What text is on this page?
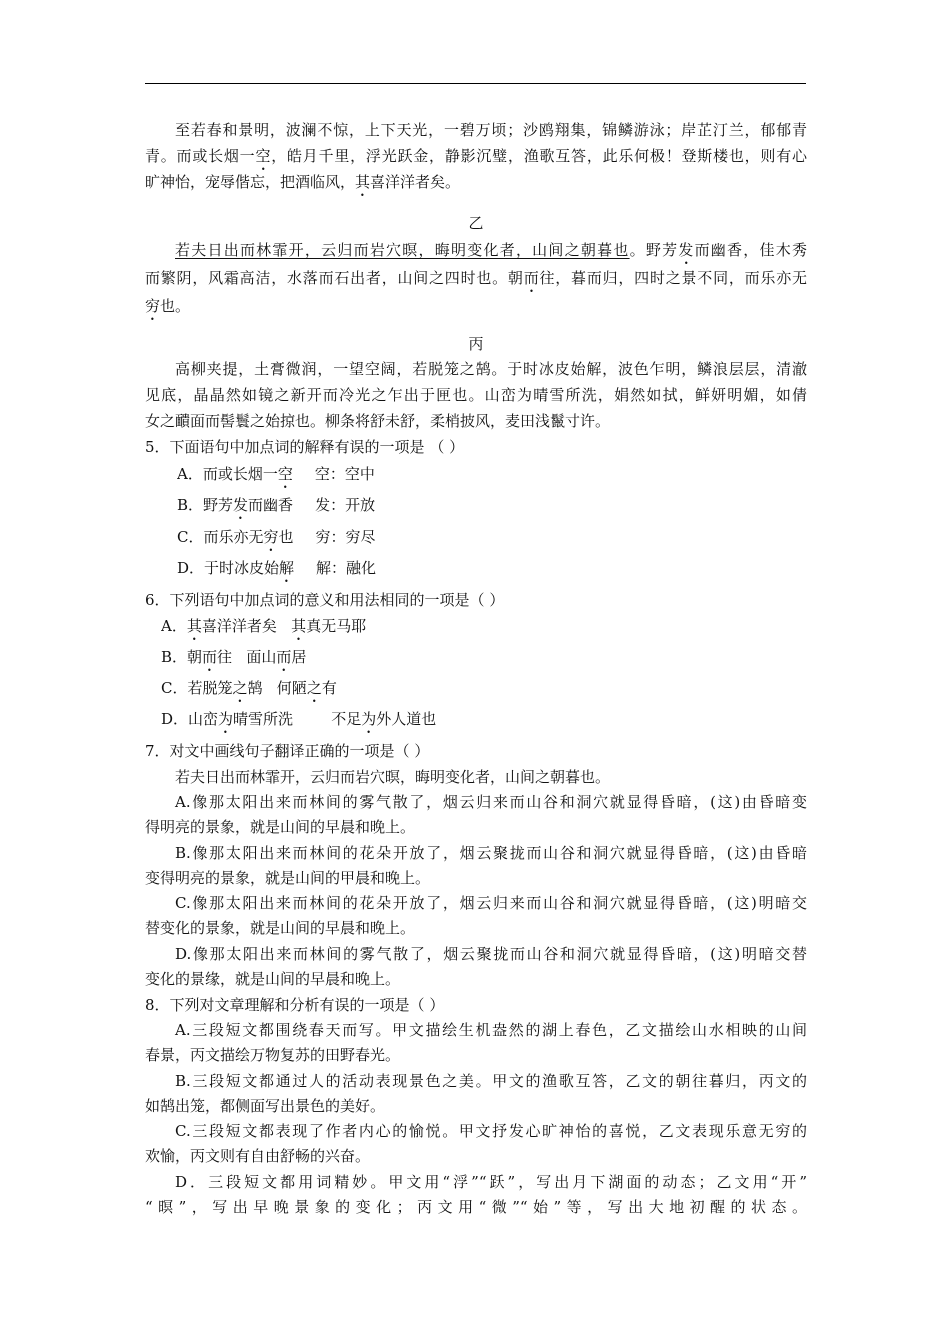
至若春和景明，波澜不惊，上下天光，一碧万顷；沙鸥翔集，锦鳞游泳；岸芷汀兰，郁郁青
青。而或长烟一空，皓月千里，浮光跃金，静影沉璧，渔歌互答，此乐何极！登斯楼也，则有心
旷神怡，宠辱偕忘，把酒临风，其喜洋洋者矣。
乙
若夫日出而林霏开，云归而岩穴暝，晦明变化者，山间之朝暮也。野芳发而幽香，佳木秀
而繁阴，风霜高洁，水落而石出者，山间之四时也。朝而往，暮而归，四时之景不同，而乐亦无
穷也。
丙
高柳夹提，土膏微润，一望空阔，若脱笼之鹄。于时冰皮始解，波色乍明，鳞浪层层，清澈
见底，晶晶然如镜之新开而冷光之乍出于匣也。山峦为晴雪所洗，娟然如拭，鲜妍明媚，如倩
女之靧面而髻鬟之始掠也。柳条将舒未舒，柔梢披风，麦田浅鬣寸许。
5．下面语句中加点词的解释有误的一项是 （ ）
A．而或长烟一空 空：空中
B．野芳发而幽香 发：开放
C．而乐亦无穷也 穷：穷尽
D．于时冰皮始解 解：融化
6．下列语句中加点词的意义和用法相同的一项是（ ）
A．其喜洋洋者矣   其真无马耶
B．朝而往   面山而居
C．若脱笼之鹄   何陋之有
D．山峦为晴雪所洗        不足为外人道也
7．对文中画线句子翻译正确的一项是（ ）
若夫日出而林霏开，云归而岩穴暝，晦明变化者，山间之朝暮也。
A.像那太阳出来而林间的雾气散了，烟云归来而山谷和洞穴就显得昏暗，(这)由昏暗变
得明亮的景象，就是山间的早晨和晚上。
B.像那太阳出来而林间的花朵开放了，烟云聚拢而山谷和洞穴就显得昏暗，(这)由昏暗
变得明亮的景象，就是山间的甲晨和晚上。
C.像那太阳出来而林间的花朵开放了，烟云归来而山谷和洞穴就显得昏暗，(这)明暗交
替变化的景象，就是山间的早晨和晚上。
D.像那太阳出来而林间的雾气散了，烟云聚拢而山谷和洞穴就显得昏暗，(这)明暗交替
变化的景缘，就是山间的早晨和晚上。
8．下列对文章理解和分析有误的一项是（ ）
A.三段短文都围绕春天而写。甲文描绘生机盎然的湖上春色，乙文描绘山水相映的山间
春景，丙文描绘万物复苏的田野春光。
B.三段短文都通过人的活动表现景色之美。甲文的渔歌互答，乙文的朝往暮归，丙文的
如鹄出笼，都侧面写出景色的美好。
C.三段短文都表现了作者内心的愉悦。甲文抒发心旷神怡的喜悦，乙文表现乐意无穷的
欢愉，丙文则有自由舒畅的兴奋。
D．三段短文都用词精妙。甲文用“浮”“跃”，写出月下湖面的动态；乙文用“开”
“暝”，写出早晚景象的变化；丙文用“微”“始”等，写出大地初醒的状态。
